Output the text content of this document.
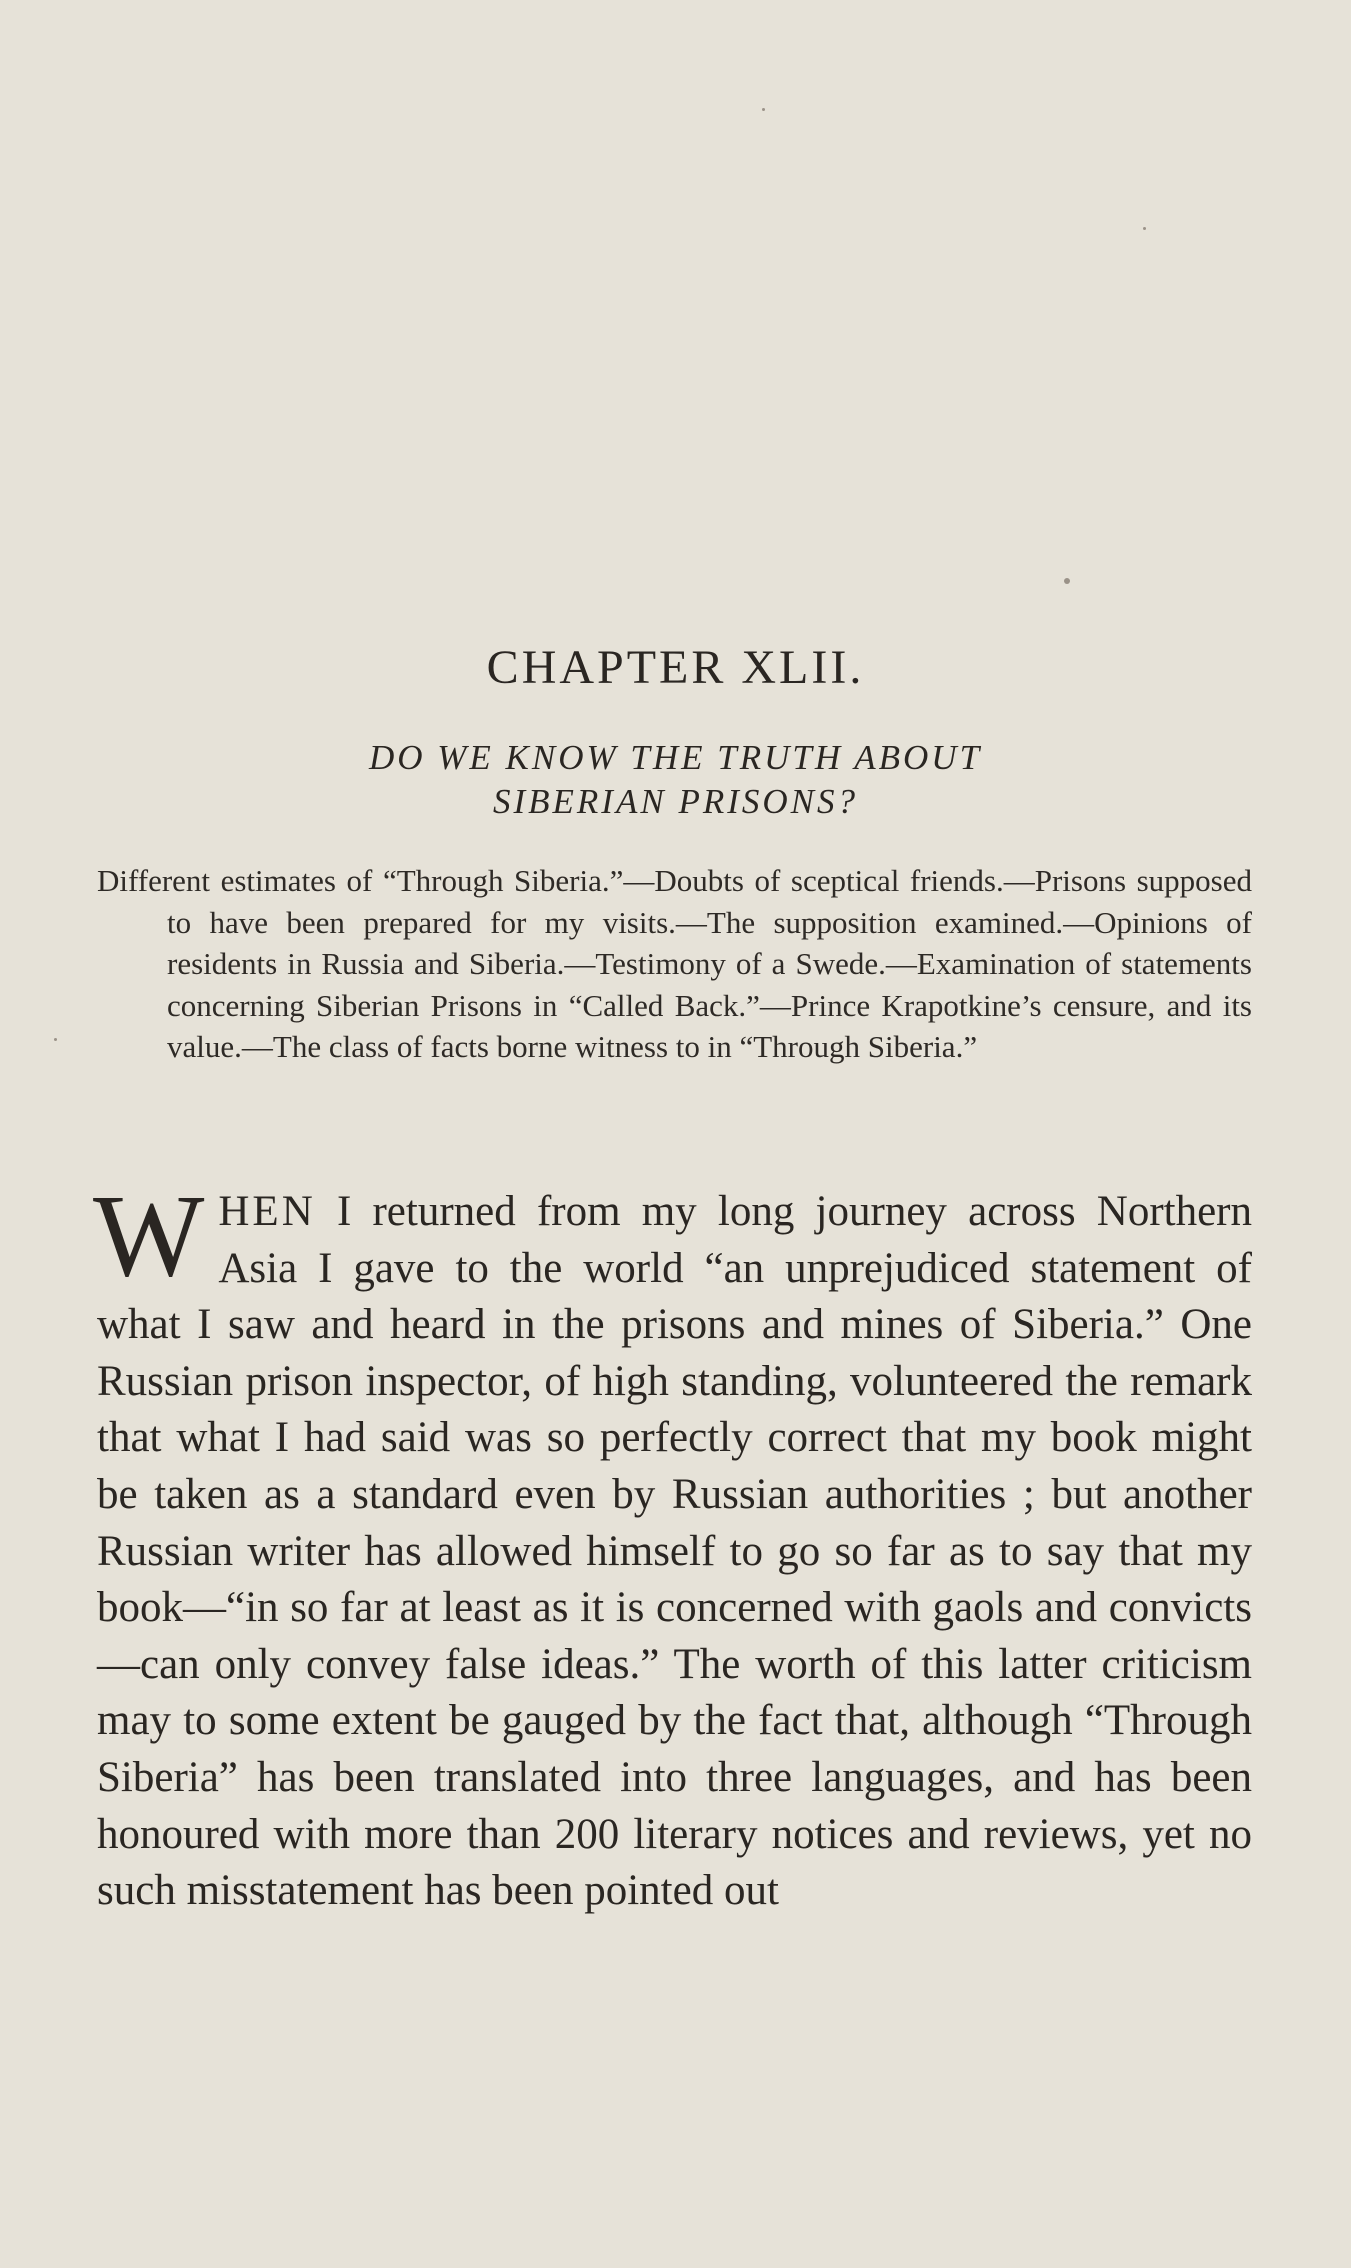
CHAPTER XLII.
DO WE KNOW THE TRUTH ABOUT
SIBERIAN PRISONS?

Different estimates of “Through Siberia.”—Doubts of sceptical friends.—Prisons supposed to have been prepared for my visits.—The supposition examined.—Opinions of residents in Russia and Siberia.—Testimony of a Swede.—Examination of statements concerning Siberian Prisons in “Called Back.”—Prince Krapotkine’s censure, and its value.—The class of facts borne witness to in “Through Siberia.”

WHEN I returned from my long journey across Northern Asia I gave to the world “an unprejudiced statement of what I saw and heard in the prisons and mines of Siberia.” One Russian prison inspector, of high standing, volunteered the remark that what I had said was so perfectly correct that my book might be taken as a standard even by Russian authorities ; but another Russian writer has allowed himself to go so far as to say that my book—“in so far at least as it is concerned with gaols and convicts—can only convey false ideas.” The worth of this latter criticism may to some extent be gauged by the fact that, although “Through Siberia” has been translated into three languages, and has been honoured with more than 200 literary notices and reviews, yet no such misstatement has been pointed out
